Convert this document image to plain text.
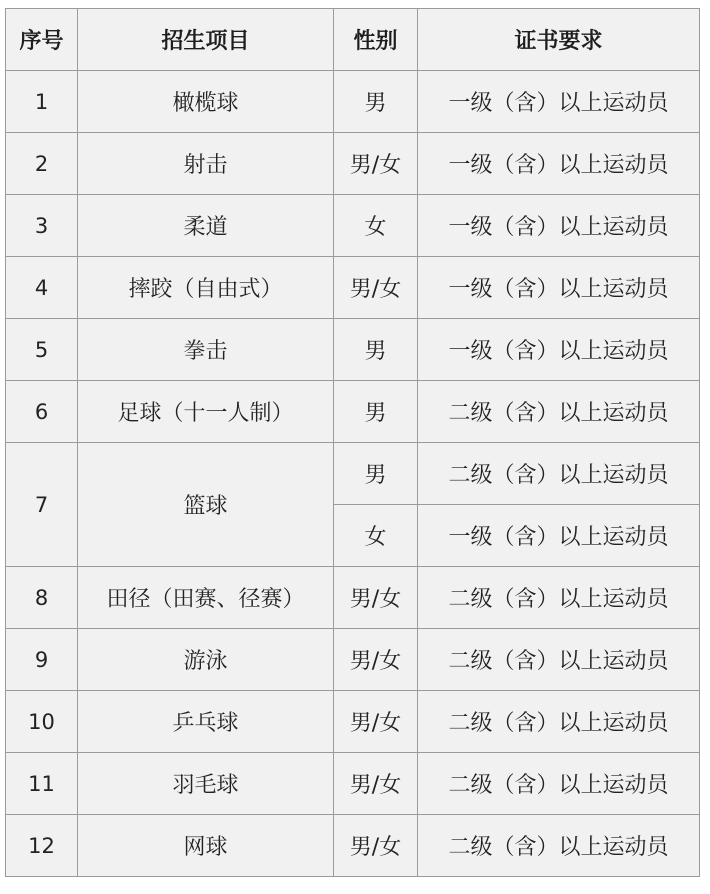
序号	招生项目	性别	证书要求
1	橄榄球	男	一级（含）以上运动员
2	射击	男/女	一级（含）以上运动员
3	柔道	女	一级（含）以上运动员
4	摔跤（自由式）	男/女	一级（含）以上运动员
5	拳击	男	一级（含）以上运动员
6	足球（十一人制）	男	二级（含）以上运动员
7	篮球	男	二级（含）以上运动员
		女	一级（含）以上运动员
8	田径（田赛、径赛）	男/女	二级（含）以上运动员
9	游泳	男/女	二级（含）以上运动员
10	乒乓球	男/女	二级（含）以上运动员
11	羽毛球	男/女	二级（含）以上运动员
12	网球	男/女	二级（含）以上运动员
